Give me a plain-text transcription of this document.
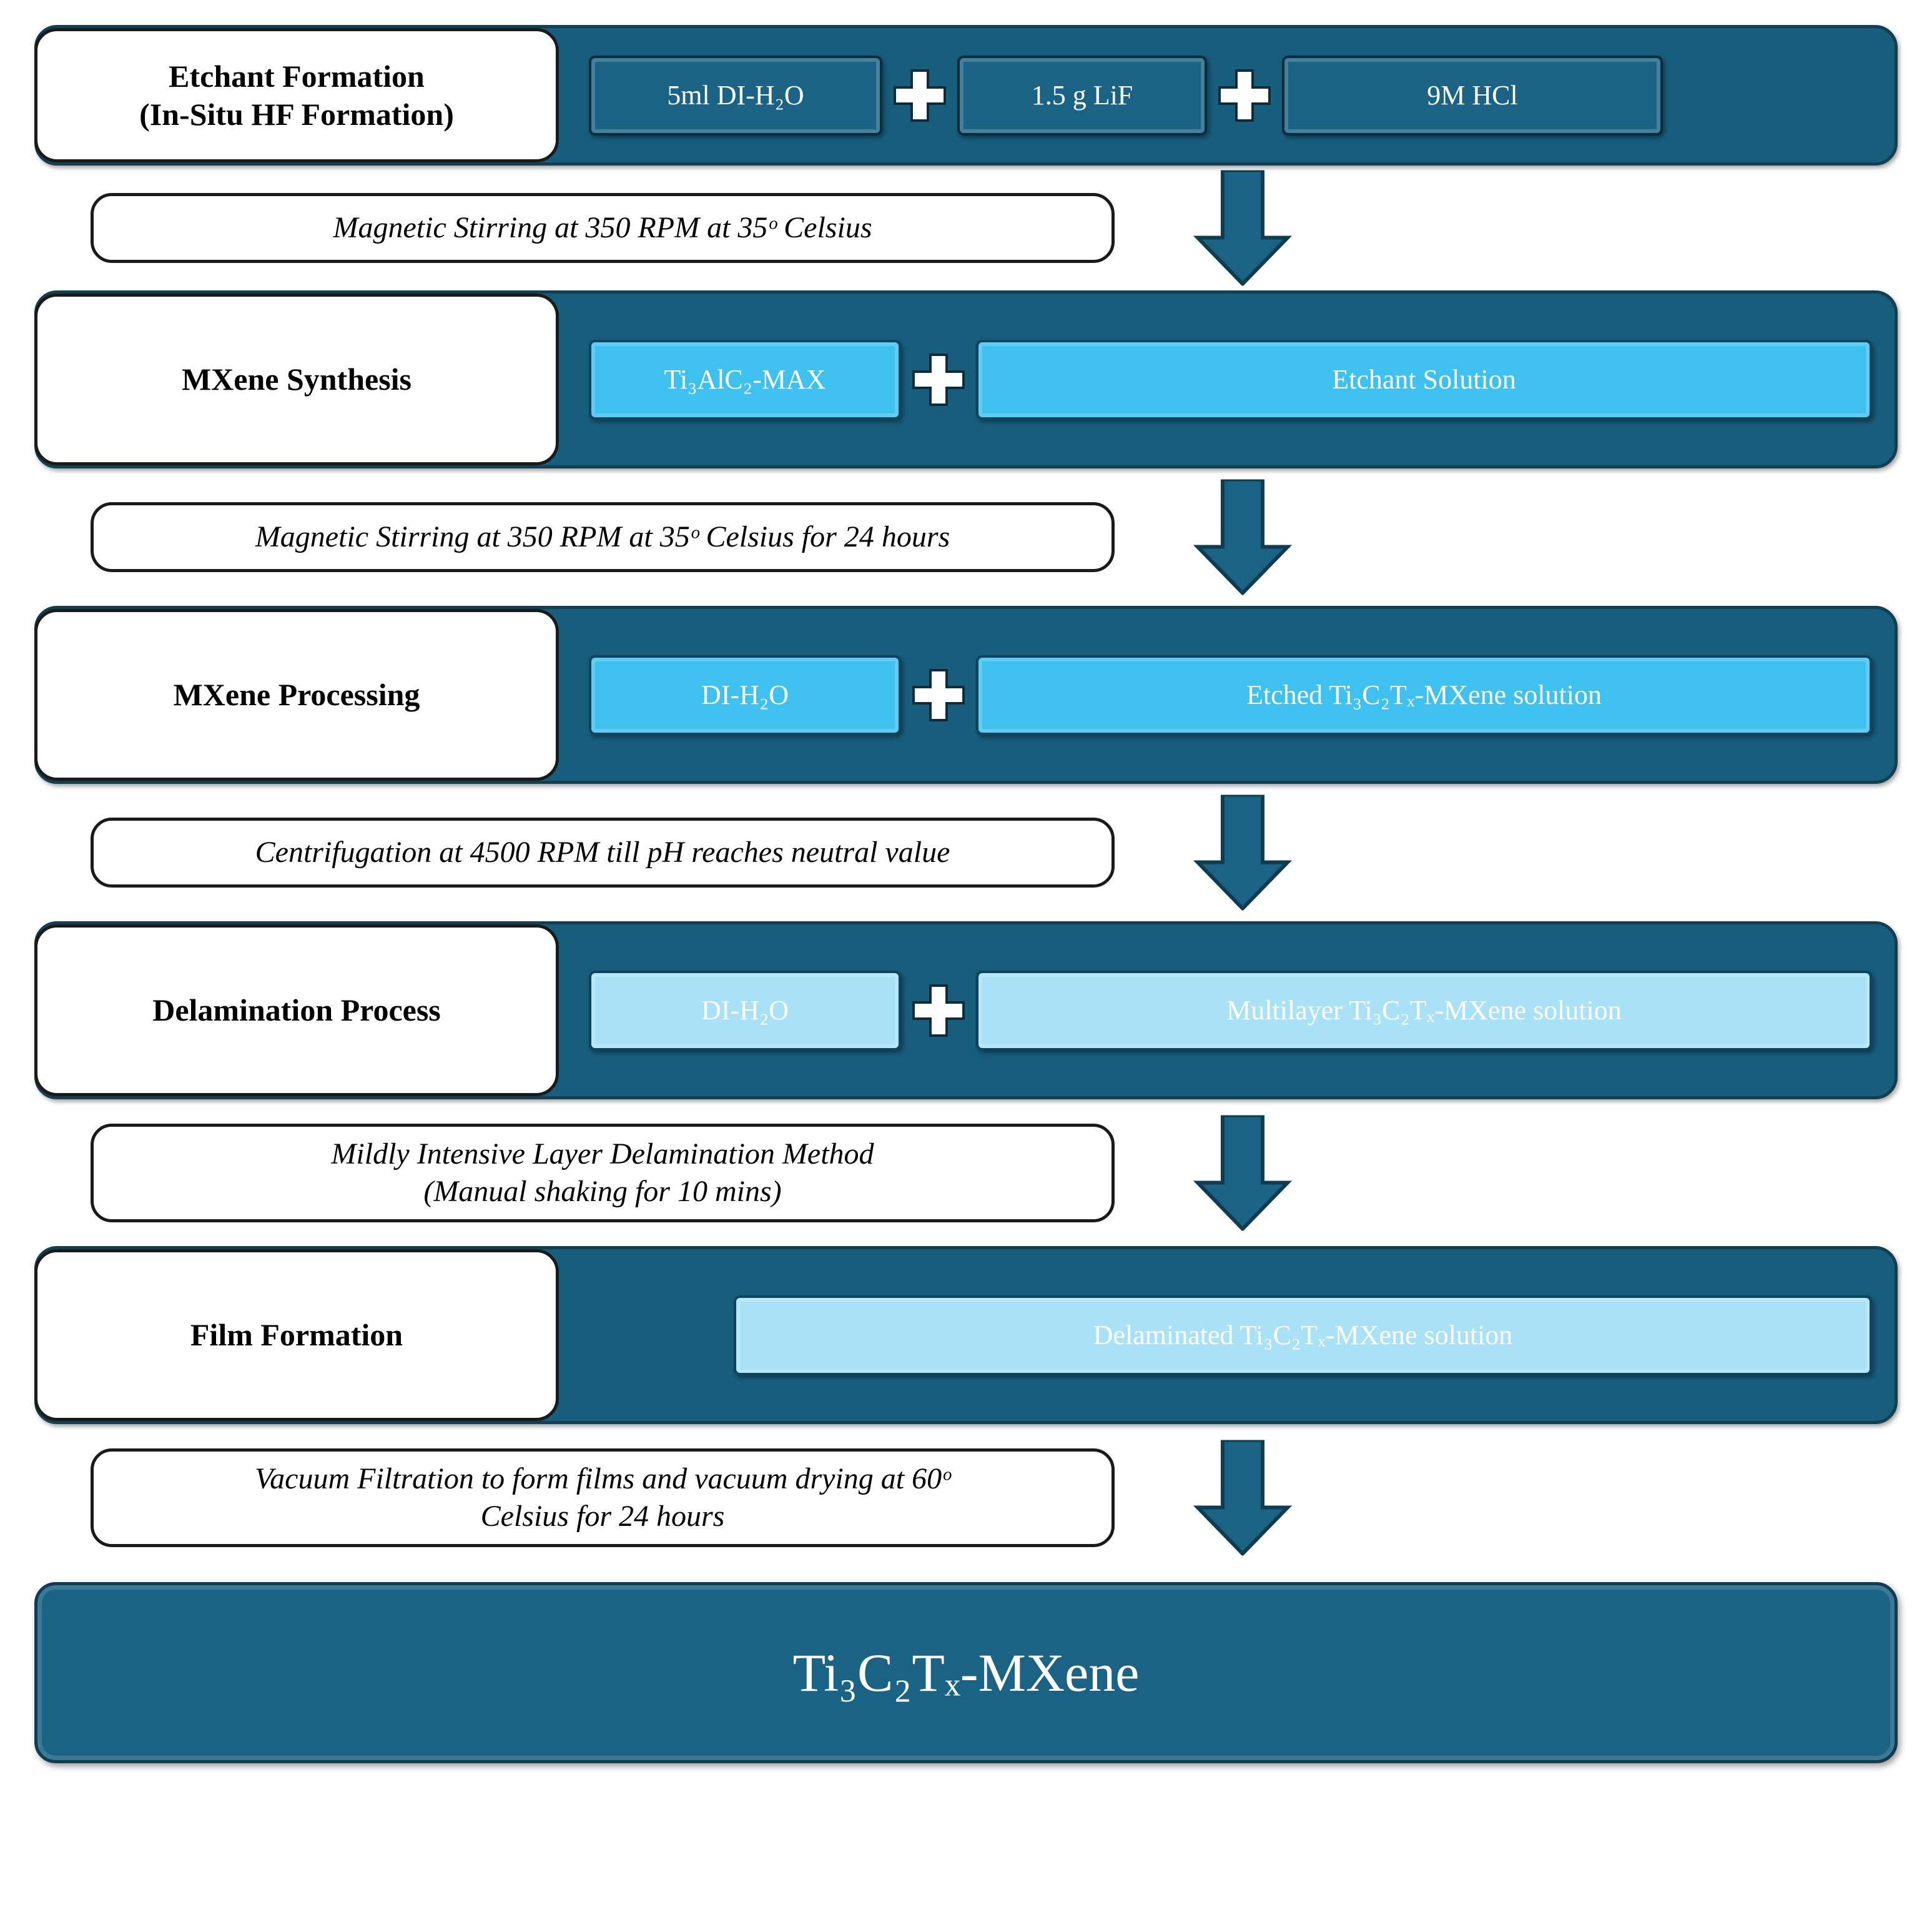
Etchant Formation
(In-Situ HF Formation)
5ml DI-H₂O	1.5 g LiF	9M HCl
Magnetic Stirring at 350 RPM at 35ᵒ Celsius
MXene Synthesis	Ti₃AlC₂-MAX	Etchant Solution
Magnetic Stirring at 350 RPM at 35ᵒ Celsius for 24 hours
MXene Processing	DI-H₂O	Etched Ti₃C₂Tₓ-MXene solution
Centrifugation at 4500 RPM till pH reaches neutral value
Delamination Process	DI-H₂O	Multilayer Ti₃C₂Tₓ-MXene solution
Mildly Intensive Layer Delamination Method
(Manual shaking for 10 mins)
Film Formation	Delaminated Ti₃C₂Tₓ-MXene solution
Vacuum Filtration to form films and vacuum drying at 60ᵒ
Celsius for 24 hours
Ti₃C₂Tₓ-MXene
